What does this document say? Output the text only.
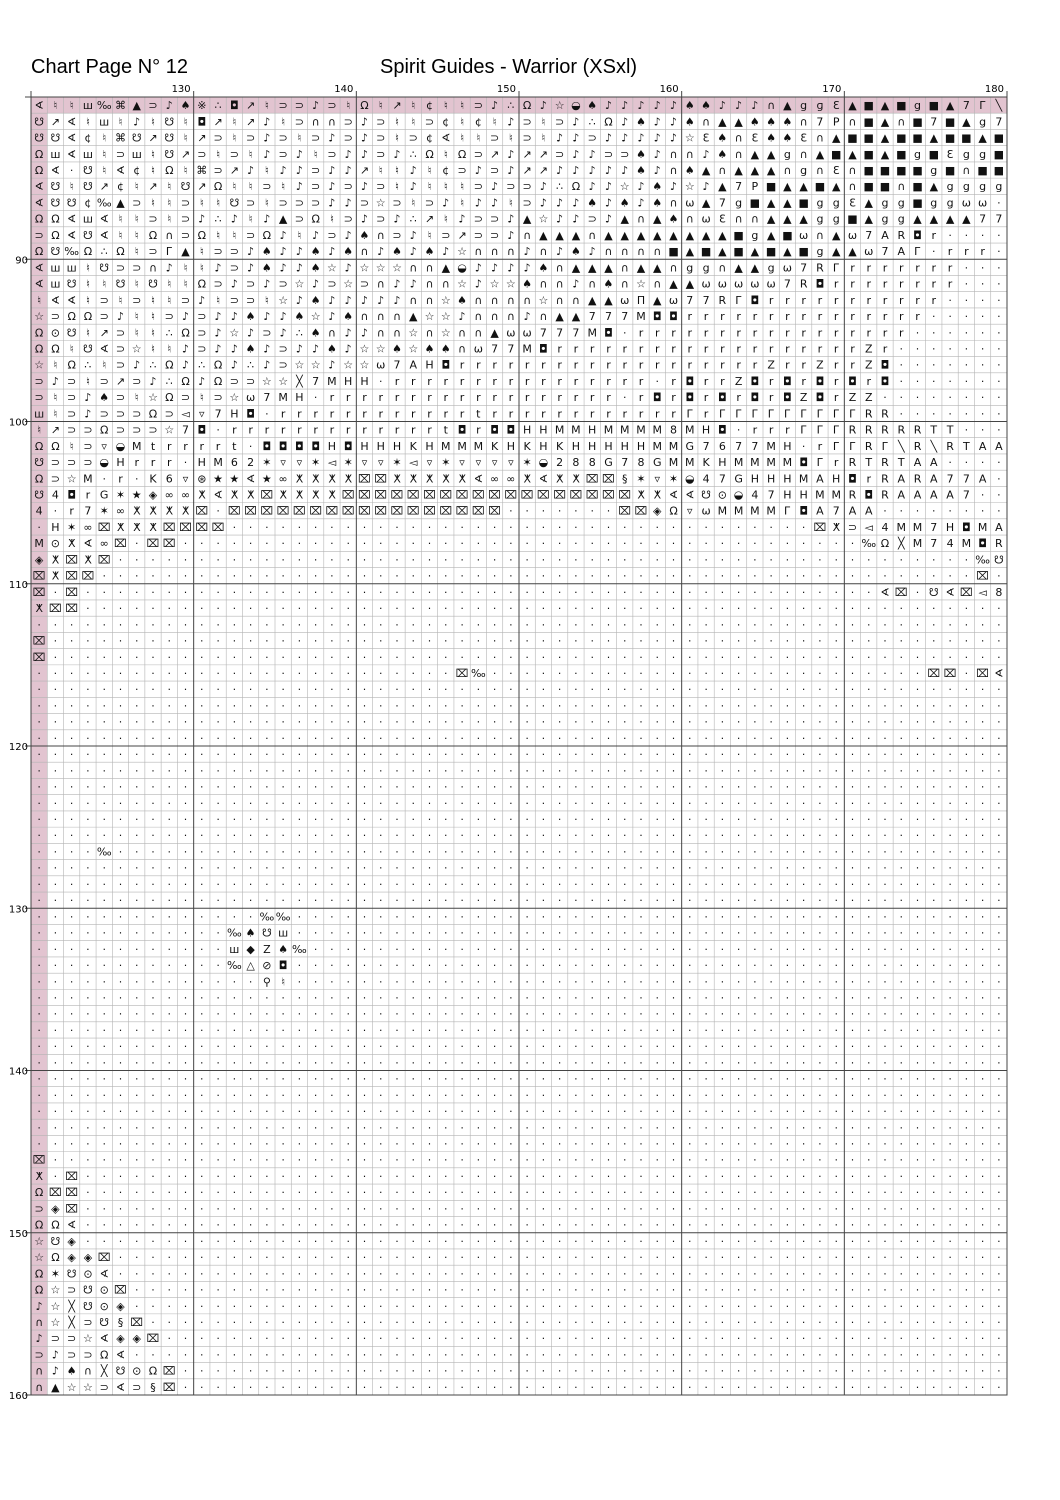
Chart Page N° 12	Spirit Guides - Warrior (XSxl)
∢ ♮ ♮ ш ‰ ⌘ ▲ ⊃ ♪ ♠ ※ ∴ ◘ ↗ ♮ ⊃ ⊃ ♪ ⊃ ♮ Ω ♮ ↗ ♮ ¢ ♮ ♮ ⊃ ♪ ∴ Ω ♪ ☆ ◒ ♠ ♪ ♪ ♪ ♪ ♪ ♠ ♠ ♪ ♪ ♪ ∩ ▲ g ɡ Ɛ ▲ ■ ▲ ■ g ■ ▲ 7 Г ╲
☋ ↗ ∢ ♮ ш ♮ ♪ ♮ ☋ ♮ ◘ ↗ ♮ ↗ ♪ ♮ ⊃ ∩ ∩ ⊃ ♪ ⊃ ♮ ♮ ⊃ ¢ ♮ ¢ ♮ ♪ ⊃ ♮ ⊃ ♪ ∴ Ω ♪ ♠ ♪ ♪ ♠ ∩ ▲ ▲ ♠ ♠ ♠ ∩ 7 P ∩ ■ ▲ ∩ ■ 7 ■ ▲ g 7
☋ ☋ ∢ ¢ ♮ ⌘ ☋ ↗ ☋ ♮ ↗ ⊃ ♮ ⊃ ♪ ⊃ ♮ ⊃ ♪ ⊃ ♪ ⊃ ♮ ⊃ ¢ ∢ ♮ ♮ ⊃ ♮ ⊃ ♮ ♪ ♪ ⊃ ♪ ♪ ♪ ♪ ♪ ☆ Ɛ ♠ ∩ Ɛ ♠ ♠ Ɛ ∩ ▲ ■ ■ ▲ ■ ■ ▲ ■ ■ ▲ ■
Ω ш ∢ ш ♮ ⊃ ш ♮ ☋ ↗ ⊃ ♮ ⊃ ♮ ♪ ⊃ ♪ ♮ ⊃ ♪ ♪ ⊃ ♪ ∴ Ω ♮ Ω ⊃ ↗ ♪ ↗ ↗ ⊃ ♪ ♪ ⊃ ⊃ ♠ ♪ ∩ ∩ ♪ ♠ ∩ ▲ ▲ g ∩ ▲ ■ ▲ ■ ▲ ■ g ■ Ɛ g g ■
Ω ∢ · ☋ ♮ ∢ ¢ ♮ Ω ♮ ⌘ ⊃ ↗ ♪ ♮ ♪ ♪ ⊃ ♪ ♪ ↗ ♮ ♮ ♪ ♮ ¢ ⊃ ♪ ⊃ ♪ ↗ ↗ ♪ ♪ ♪ ♪ ♪ ♠ ♪ ∩ ♠ ▲ ∩ ▲ ▲ ▲ ∩ g ∩ Ɛ ∩ ■ ■ ■ ■ g ■ ∩ ■ ■
∢ ☋ ♮ ☋ ↗ ¢ ♮ ↗ ♮ ☋ ↗ Ω ♮ ♮ ⊃ ♮ ♪ ⊃ ♪ ⊃ ♪ ⊃ ♮ ♪ ♮ ♮ ♮ ⊃ ♪ ⊃ ⊃ ♪ ∴ Ω ♪ ♪ ☆ ♪ ♠ ♪ ☆ ♪ ▲ 7 P ■ ▲ ▲ ■ ▲ ∩ ■ ■ ∩ ■ ▲ g g g g
∢ ☋ ☋ ¢ ‰ ▲ ⊃ ♮ ♮ ⊃ ♮ ♮ ☋ ⊃ ♮ ⊃ ⊃ ⊃ ♪ ♪ ⊃ ☆ ⊃ ♮ ⊃ ♪ ♮ ♪ ♪ ♮ ⊃ ♪ ♪ ♪ ♠ ♪ ♠ ♪ ♠ ∩ ω ▲ 7 g ■ ▲ ▲ ■ g g Ɛ ▲ g g ■ g g ω ω ·
Ω Ω ∢ ш ∢ ♮ ♮ ⊃ ♮ ⊃ ♪ ∴ ♪ ♮ ♪ ▲ ⊃ Ω ♮ ⊃ ♪ ⊃ ♪ ∴ ↗ ♮ ♪ ⊃ ⊃ ♪ ▲ ☆ ♪ ♪ ⊃ ♪ ▲ ∩ ▲ ♠ ∩ ω Ɛ ∩ ∩ ▲ ▲ ▲ g g ■ ▲ g g ▲ ▲ ▲ ▲ 7 7
⊃ Ω ∢ ☋ ∢ ♮ ♮ Ω ∩ ⊃ Ω ♮ ♮ ⊃ Ω ♪ ♮ ♪ ⊃ ♪ ♠ ∩ ⊃ ♪ ♮ ⊃ ↗ ⊃ ⊃ ♪ ∩ ▲ ▲ ▲ ∩ ▲ ▲ ▲ ▲ ▲ ▲ ▲ ▲ ■ g ▲ ■ ω ∩ ▲ ω 7 A R ◘ r · · · ·
Ω ☋ ‰ Ω ∴ Ω ♮ ⊃ Г ▲ ♮ ⊃ ⊃ ♪ ♠ ♪ ♪ ♠ ♪ ♠ ∩ ♪ ♠ ♪ ♠ ♪ ☆ ∩ ∩ ∩ ♪ ∩ ♪ ♠ ♪ ∩ ∩ ∩ ∩ ■ ▲ ■ ▲ ■ ▲ ■ ▲ ■ g ▲ ▲ ω 7 A Г · r r r ·
∢ ш ш ♮ ☋ ⊃ ⊃ ∩ ♪ ♮ ♮ ♪ ⊃ ♪ ♠ ♪ ♪ ♠ ☆ ♪ ☆ ☆ ☆ ∩ ∩ ▲ ◒ ♪ ♪ ♪ ♪ ♠ ∩ ▲ ▲ ▲ ∩ ▲ ▲ ∩ g g ∩ ▲ ▲ g ω 7 R Г r r r r r r r · · ·
∢ ш ☋ ♮ ♮ ☋ ♮ ☋ ♮ ♮ Ω ⊃ ♪ ⊃ ♪ ⊃ ☆ ♪ ⊃ ☆ ⊃ ∩ ♪ ♪ ∩ ∩ ☆ ♪ ☆ ☆ ♠ ∩ ∩ ♪ ∩ ♠ ∩ ☆ ∩ ▲ ▲ ω ω ω ω ω 7 R ◘ r r r r r r r r · · ·
♮ ∢ ∢ ♮ ⊃ ♮ ⊃ ♮ ♮ ⊃ ♪ ♮ ⊃ ⊃ ♮ ☆ ♪ ♠ ♪ ♪ ♪ ♪ ♪ ∩ ∩ ☆ ♠ ∩ ∩ ∩ ∩ ☆ ∩ ∩ ▲ ▲ ω Π ▲ ω 7 7 R Г ◘ r r r r r r r r r r r · · · ·
☆ ⊃ Ω Ω ⊃ ♪ ♮ ♮ ⊃ ♪ ⊃ ♪ ♪ ♠ ♪ ♪ ♠ ☆ ♪ ♠ ∩ ∩ ∩ ▲ ☆ ☆ ♪ ∩ ∩ ∩ ♪ ∩ ▲ ▲ 7 7 7 M ◘ ◘ r r r r r r r r r r r r r r r · · · · ·
Ω ⊙ ☋ ♮ ↗ ⊃ ♮ ♮ ∴ Ω ⊃ ♪ ☆ ♪ ⊃ ♪ ∴ ♠ ∩ ♪ ♪ ∩ ∩ ☆ ∩ ☆ ∩ ∩ ▲ ω ω 7 7 7 M ◘ · r r r r r r r r r r r r r r r r r · · · · · ·
Ω Ω ♮ ☋ ∢ ⊃ ☆ ♮ ♮ ♪ ⊃ ♪ ♪ ♠ ♪ ⊃ ♪ ♪ ♠ ♪ ☆ ☆ ♠ ☆ ♠ ♠ ∩ ω 7 7 M ◘ r r r r r r r r r r r r r r r r r r r Z r · · · · · · ·
☆ ♮ Ω ∴ ♮ ⊃ ♪ ∴ Ω ♪ ∴ Ω ♪ ∴ ♪ ⊃ ☆ ☆ ♪ ☆ ☆ ω 7 A H ◘ r r r r r r r r r r r r r r r r r r r Z r r Z r r Z ◘ · · · · · · ·
⊃ ♪ ⊃ ♮ ⊃ ↗ ⊃ ♪ ∴ Ω ♪ Ω ⊃ ⊃ ☆ ☆ ╳ 7 M H H · r r r r r r r r r r r r r r r r · r ◘ r r Z ◘ r ◘ r ◘ r ◘ r ◘ · · · · · · ·
⊃ ♮ ⊃ ♪ ♠ ⊃ ♮ ☆ Ω ⊃ ♮ ⊃ ☆ ω 7 M H · r r r r r r r r r r r r r r r r r r · r ◘ r ◘ r ◘ r ◘ r ◘ Z ◘ r Z Z · · · · · · · ·
ш ♮ ⊃ ♪ ⊃ ⊃ ⊃ Ω ⊃ ◅ ▿ 7 H ◘ · r r r r r r r r r r r r t r r r r r r r r r r r r Г r Г Г Г Г Г Г Г Г Г R R · · · · · · ·
♮ ↗ ⊃ ⊃ Ω ⊃ ⊃ ⊃ ☆ 7 ◘ · r r r r r r r r r r r r r t ◘ r ◘ ◘ H H M M H M M M M 8 M H ◘ · r r r Г Г Г R R R R R T T · · ·
Ω Ω ♮ ⊃ ▿ ◒ M t r r r r t · ◘ ◘ ◘ ◘ H ◘ H H H K H M M M K H K H K H H H H H M M G 7 6 7 7 M H · r Г Г R Г ╲ R ╲ R T A A
☋ ⊃ ⊃ ⊃ ◒ H r r r · H M 6 2 ✶ ▿ ▿ ✶ ◅ ✶ ▿ ▿ ✶ ◅ ▿ ✶ ▿ ▿ ▿ ▿ ✶ ◒ 2 8 8 G 7 8 G M M K H M M M M ◘ Г r R T R T A A · · · ·
Ω ⊃ ☆ M · r · K 6 ▿ ⊛ ★ ★ ∢ ★ ∞ ⵅ ⵅ ⵅ ⵅ ⌧ ⌧ ⵅ ⵅ ⵅ ⵅ ⵅ ∢ ∞ ∞ ⵅ ∢ ⵅ ⵅ ⌧ ⌧ § ✶ ▿ ✶ ◒ 4 7 G H H H M A H ◘ r R A R A 7 7 A ·
☋ 4 ◘ r G ✶ ★ ◈ ∞ ∞ ⵅ ∢ ⵅ ⵅ ⌧ ⵅ ⵅ ⵅ ⵅ ⌧ ⌧ ⌧ ⌧ ⌧ ⌧ ⌧ ⌧ ⌧ ⌧ ⌧ ⌧ ⌧ ⌧ ⌧ ⌧ ⌧ ⌧ ⵅ ⵅ ∢ ∢ ☋ ⊙ ◒ 4 7 H H M M R ◘ R A A A A 7 · ·
4 · r 7 ✶ ∞ ⵅ ⵅ ⵅ ⵅ ⌧ · ⌧ ⌧ ⌧ ⌧ ⌧ ⌧ ⌧ ⌧ ⌧ ⌧ ⌧ ⌧ ⌧ ⌧ ⌧ ⌧ ⌧ · · · · · · · ⌧ ⌧ ◈ Ω ▿ ω M M M M Г ◘ A 7 A A · · · · · · · ·
· H ✶ ∞ ⌧ ⵅ ⵅ ⵅ ⌧ ⌧ ⌧ ⌧ · · · · · · · · · · · · · · · · · · · · · · · · · · · · · · · · · · · · ⌧ ⵅ ⊃ ◅ 4 M M 7 H ◘ M A
M ⊙ ⵅ ∢ ∞ ⌧ · ⌧ ⌧ · · · · · · · · · · · · · · · · · · · · · · · · · · · · · · · · · · · · · · · · · · ‰ Ω ╳ M 7 4 M ◘ R
◈ ⵅ ⌧ ⵅ ⌧ · · · · · · · · · · · · · · · · · · · · · · · · · · · · · · · · · · · · · · · · · · · · · · · · · · · · · ‰ ☋
⌧ ⵅ ⌧ ⌧ · · · · · · · · · · · · · · · · · · · · · · · · · · · · · · · · · · · · · · · · · · · · · · · · · · · · · · ⌧ ·
⌧ · ⌧ · · · · · · · · · · · · · · · · · · · · · · · · · · · · · · · · · · · · · · · · · · · · · · · · · ∢ ⌧ · ☋ ∢ ⌧ ◅ 8
ⵅ ⌧ ⌧ · · · · · · · · · · · · · · · · · · · · · · · · · · · · · · · · · · · · · · · · · · · · · · · · · · · · · · · · ·
· · · · · · · · · · · · · · · · · · · · · · · · · · · · · · · · · · · · · · · · · · · · · · · · · · · · · · · · · · · ·
⌧ · · · · · · · · · · · · · · · · · · · · · · · · · · · · · · · · · · · · · · · · · · · · · · · · · · · · · · · · · · ·
⌧ · · · · · · · · · · · · · · · · · · · · · · · · · · · · · · · · · · · · · · · · · · · · · · · · · · · · · · · · · · ·
· · · · · · · · · · · · · · · · · · · · · · · · · · ⌧ ‰ · · · · · · · · · · · · · · · · · · · · · · · · · · · ⌧ ⌧ · ⌧ ∢
· · · · · · · · · · · · · · · · · · · · · · · · · · · · · · · · · · · · · · · · · · · · · · · · · · · · · · · · · · · ·
· · · · · · · · · · · · · · · · · · · · · · · · · · · · · · · · · · · · · · · · · · · · · · · · · · · · · · · · · · · ·
· · · · · · · · · · · · · · · · · · · · · · · · · · · · · · · · · · · · · · · · · · · · · · · · · · · · · · · · · · · ·
· · · · · · · · · · · · · · · · · · · · · · · · · · · · · · · · · · · · · · · · · · · · · · · · · · · · · · · · · · · ·
· · · · · · · · · · · · · · · · · · · · · · · · · · · · · · · · · · · · · · · · · · · · · · · · · · · · · · · · · · · ·
· · · · · · · · · · · · · · · · · · · · · · · · · · · · · · · · · · · · · · · · · · · · · · · · · · · · · · · · · · · ·
· · · · · · · · · · · · · · · · · · · · · · · · · · · · · · · · · · · · · · · · · · · · · · · · · · · · · · · · · · · ·
· · · · · · · · · · · · · · · · · · · · · · · · · · · · · · · · · · · · · · · · · · · · · · · · · · · · · · · · · · · ·
· · · · · · · · · · · · · · · · · · · · · · · · · · · · · · · · · · · · · · · · · · · · · · · · · · · · · · · · · · · ·
· · · · · · · · · · · · · · · · · · · · · · · · · · · · · · · · · · · · · · · · · · · · · · · · · · · · · · · · · · · ·
· · · · ‰ · · · · · · · · · · · · · · · · · · · · · · · · · · · · · · · · · · · · · · · · · · · · · · · · · · · · · · ·
· · · · · · · · · · · · · · · · · · · · · · · · · · · · · · · · · · · · · · · · · · · · · · · · · · · · · · · · · · · ·
· · · · · · · · · · · · · · · · · · · · · · · · · · · · · · · · · · · · · · · · · · · · · · · · · · · · · · · · · · · ·
· · · · · · · · · · · · · · · · · · · · · · · · · · · · · · · · · · · · · · · · · · · · · · · · · · · · · · · · · · · ·
· · · · · · · · · · · · · · ‰ ‰ · · · · · · · · · · · · · · · · · · · · · · · · · · · · · · · · · · · · · · · · · · · ·
· · · · · · · · · · · · ‰ ♠ ☋ ш · · · · · · · · · · · · · · · · · · · · · · · · · · · · · · · · · · · · · · · · · · · ·
· · · · · · · · · · · · ш ◆ Z ♠ ‰ · · · · · · · · · · · · · · · · · · · · · · · · · · · · · · · · · · · · · · · · · · ·
· · · · · · · · · · · · ‰ △ ⊘ ◘ · · · · · · · · · · · · · · · · · · · · · · · · · · · · · · · · · · · · · · · · · · · ·
· · · · · · · · · · · · · · ⚲ ♮ · · · · · · · · · · · · · · · · · · · · · · · · · · · · · · · · · · · · · · · · · · · ·
· · · · · · · · · · · · · · · · · · · · · · · · · · · · · · · · · · · · · · · · · · · · · · · · · · · · · · · · · · · ·
· · · · · · · · · · · · · · · · · · · · · · · · · · · · · · · · · · · · · · · · · · · · · · · · · · · · · · · · · · · ·
· · · · · · · · · · · · · · · · · · · · · · · · · · · · · · · · · · · · · · · · · · · · · · · · · · · · · · · · · · · ·
· · · · · · · · · · · · · · · · · · · · · · · · · · · · · · · · · · · · · · · · · · · · · · · · · · · · · · · · · · · ·
· · · · · · · · · · · · · · · · · · · · · · · · · · · · · · · · · · · · · · · · · · · · · · · · · · · · · · · · · · · ·
· · · · · · · · · · · · · · · · · · · · · · · · · · · · · · · · · · · · · · · · · · · · · · · · · · · · · · · · · · · ·
· · · · · · · · · · · · · · · · · · · · · · · · · · · · · · · · · · · · · · · · · · · · · · · · · · · · · · · · · · · ·
· · · · · · · · · · · · · · · · · · · · · · · · · · · · · · · · · · · · · · · · · · · · · · · · · · · · · · · · · · · ·
· · · · · · · · · · · · · · · · · · · · · · · · · · · · · · · · · · · · · · · · · · · · · · · · · · · · · · · · · · · ·
· · · · · · · · · · · · · · · · · · · · · · · · · · · · · · · · · · · · · · · · · · · · · · · · · · · · · · · · · · · ·
⌧ · · · · · · · · · · · · · · · · · · · · · · · · · · · · · · · · · · · · · · · · · · · · · · · · · · · · · · · · · · ·
ⵅ · ⌧ · · · · · · · · · · · · · · · · · · · · · · · · · · · · · · · · · · · · · · · · · · · · · · · · · · · · · · · · ·
Ω ⌧ ⌧ · · · · · · · · · · · · · · · · · · · · · · · · · · · · · · · · · · · · · · · · · · · · · · · · · · · · · · · · ·
⊃ ◈ ⌧ · · · · · · · · · · · · · · · · · · · · · · · · · · · · · · · · · · · · · · · · · · · · · · · · · · · · · · · · ·
Ω Ω ∢ · · · · · · · · · · · · · · · · · · · · · · · · · · · · · · · · · · · · · · · · · · · · · · · · · · · · · · · · ·
☆ ☋ ◈ · · · · · · · · · · · · · · · · · · · · · · · · · · · · · · · · · · · · · · · · · · · · · · · · · · · · · · · · ·
☆ Ω ◈ ◈ ⌧ · · · · · · · · · · · · · · · · · · · · · · · · · · · · · · · · · · · · · · · · · · · · · · · · · · · · · · ·
Ω ✶ ☋ ⊙ ∢ · · · · · · · · · · · · · · · · · · · · · · · · · · · · · · · · · · · · · · · · · · · · · · · · · · · · · · ·
Ω ☆ ⊃ ☋ ⊙ ⌧ · · · · · · · · · · · · · · · · · · · · · · · · · · · · · · · · · · · · · · · · · · · · · · · · · · · · · ·
♪ ☆ ╳ ☋ ⊙ ◈ · · · · · · · · · · · · · · · · · · · · · · · · · · · · · · · · · · · · · · · · · · · · · · · · · · · · · ·
∩ ☆ ╳ ⊃ ☋ § ⌧ · · · · · · · · · · · · · · · · · · · · · · · · · · · · · · · · · · · · · · · · · · · · · · · · · · · · ·
♪ ⊃ ⊃ ☆ ∢ ◈ ◈ ⌧ · · · · · · · · · · · · · · · · · · · · · · · · · · · · · · · · · · · · · · · · · · · · · · · · · · · ·
⊃ ♪ ⊃ ⊃ Ω ∢ · · · · · · · · · · · · · · · · · · · · · · · · · · · · · · · · · · · · · · · · · · · · · · · · · · · · · ·
∩ ♪ ♠ ∩ ╳ ☋ ⊙ Ω ⌧ · · · · · · · · · · · · · · · · · · · · · · · · · · · · · · · · · · · · · · · · · · · · · · · · · · ·
∩ ▲ ☆ ☆ ⊃ ∢ ⊃ § ⌧ · · · · · · · · · · · · · · · · · · · · · · · · · · · · · · · · · · · · · · · · · · · · · · · · · · ·
130	140	150	160	170	180
90
100
110
120
130
140
150
160
